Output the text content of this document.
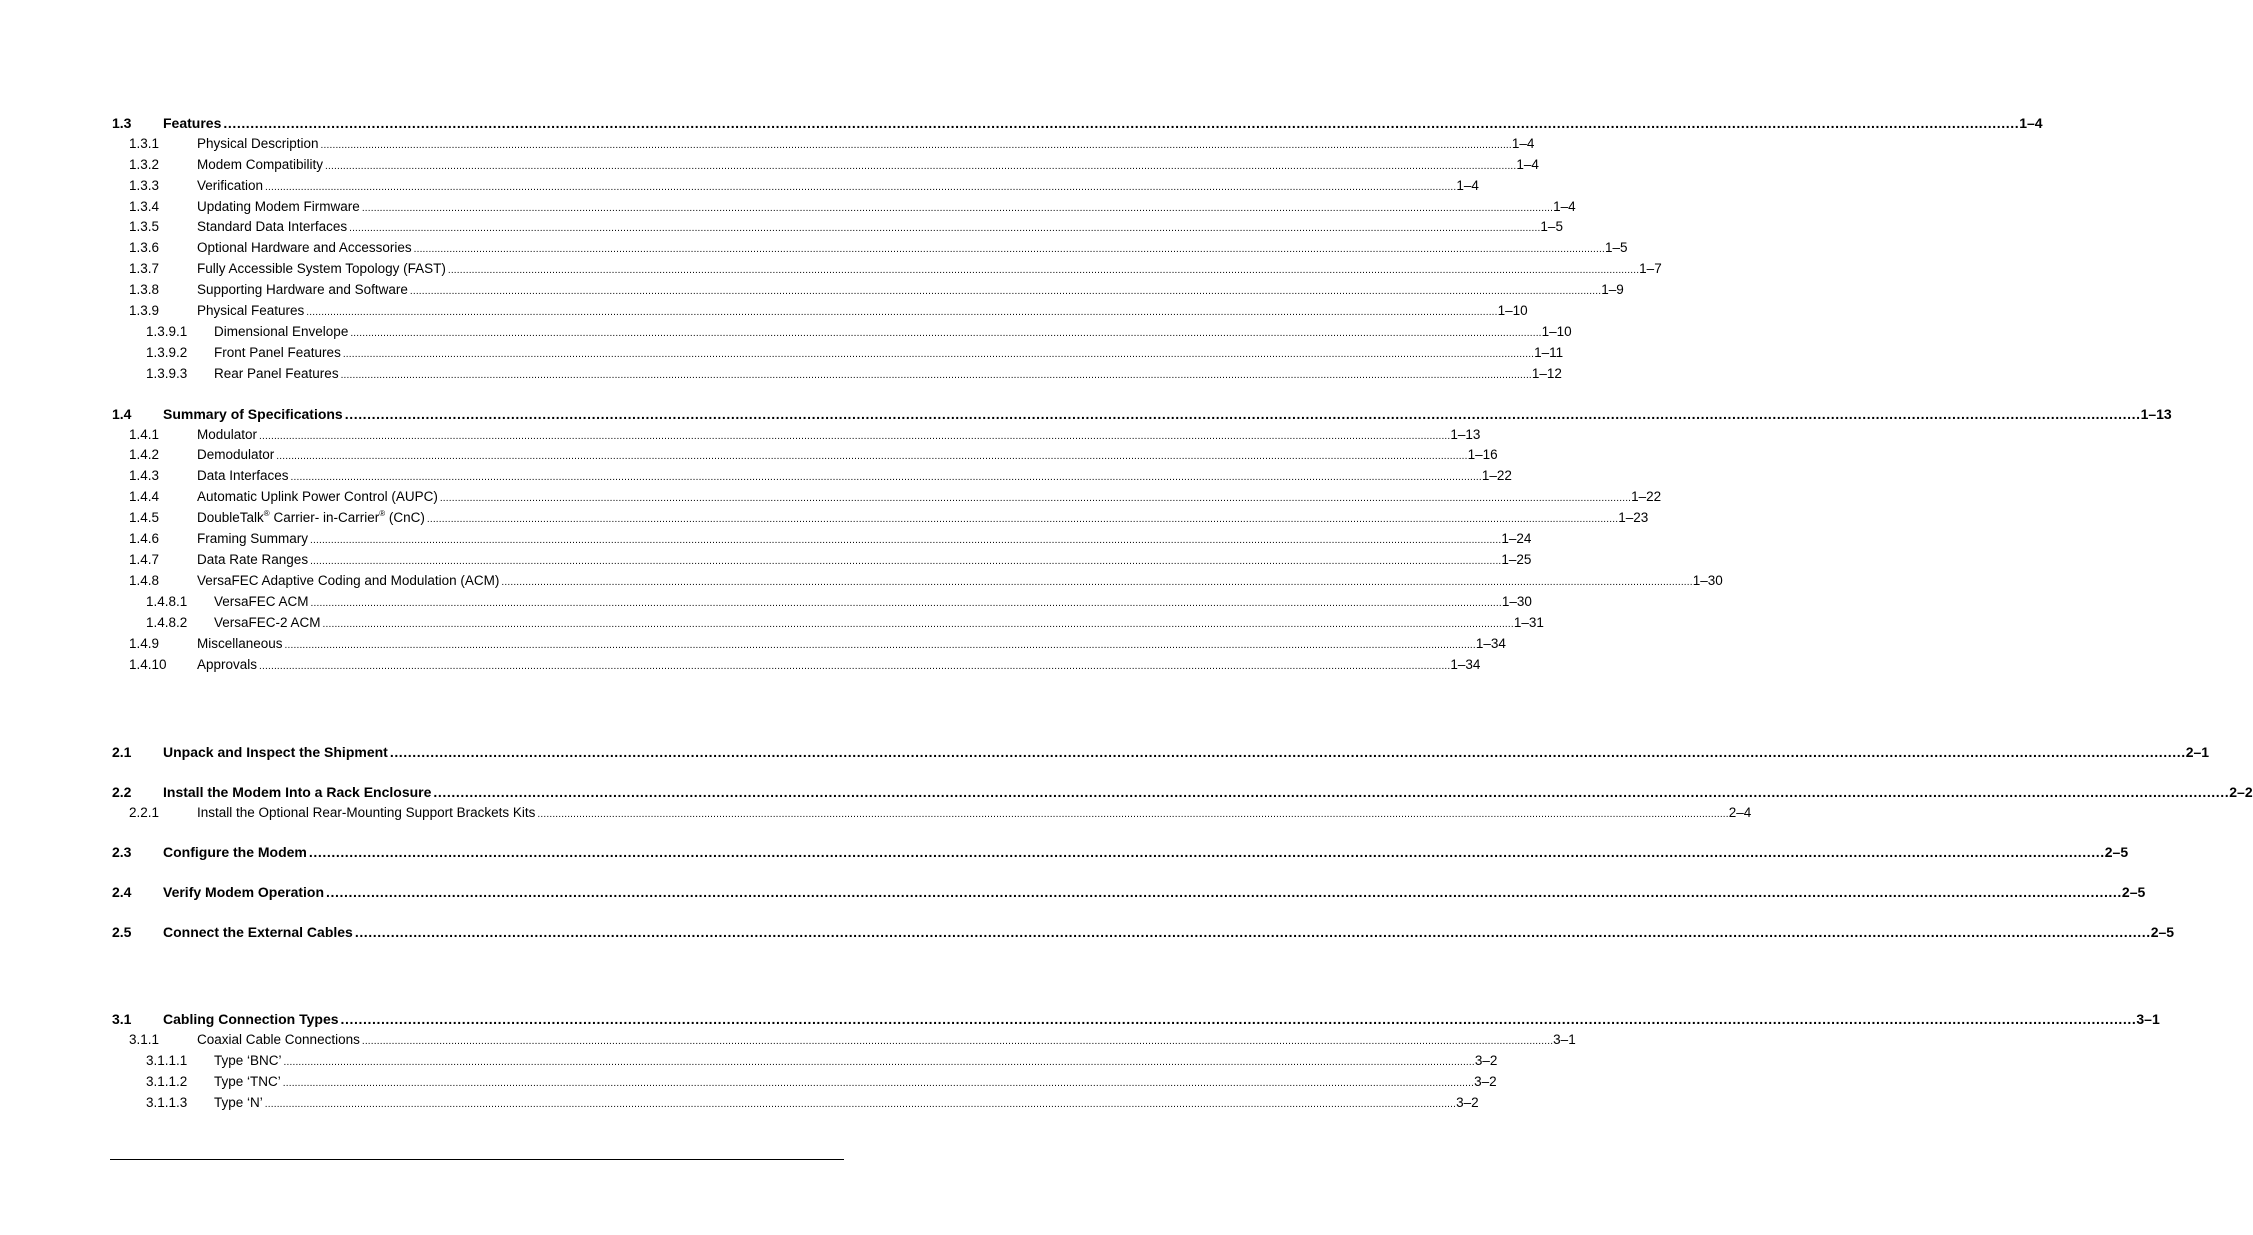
1.3 Features ................................................................................................................................................................................................................................................................................................................................................................................................................ 1–4
1.3.1	Physical Description ................................................................................................................................................................................................................................................................................................................................................................................................................ 1–4
1.3.2	Modem Compatibility ................................................................................................................................................................................................................................................................................................................................................................................................................ 1–4
1.3.3	Verification ................................................................................................................................................................................................................................................................................................................................................................................................................ 1–4
1.3.4	Updating Modem Firmware ................................................................................................................................................................................................................................................................................................................................................................................................................ 1–4
1.3.5	Standard Data Interfaces ................................................................................................................................................................................................................................................................................................................................................................................................................ 1–5
1.3.6	Optional Hardware and Accessories ................................................................................................................................................................................................................................................................................................................................................................................................................ 1–5
1.3.7	Fully Accessible System Topology (FAST) ................................................................................................................................................................................................................................................................................................................................................................................................................ 1–7
1.3.8	Supporting Hardware and Software ................................................................................................................................................................................................................................................................................................................................................................................................................ 1–9
1.3.9	Physical Features ................................................................................................................................................................................................................................................................................................................................................................................................................ 1–10
1.3.9.1 Dimensional Envelope ................................................................................................................................................................................................................................................................................................................................................................................................................ 1–10
1.3.9.2 Front Panel Features ................................................................................................................................................................................................................................................................................................................................................................................................................ 1–11
1.3.9.3 Rear Panel Features ................................................................................................................................................................................................................................................................................................................................................................................................................ 1–12
1.4 Summary of Specifications ................................................................................................................................................................................................................................................................................................................................................................................................................ 1–13
1.4.1	Modulator ................................................................................................................................................................................................................................................................................................................................................................................................................ 1–13
1.4.2	Demodulator ................................................................................................................................................................................................................................................................................................................................................................................................................ 1–16
1.4.3	Data Interfaces ................................................................................................................................................................................................................................................................................................................................................................................................................ 1–22
1.4.4	Automatic Uplink Power Control (AUPC) ................................................................................................................................................................................................................................................................................................................................................................................................................ 1–22
1.4.5	DoubleTalk® Carrier- in-Carrier® (CnC) ................................................................................................................................................................................................................................................................................................................................................................................................................ 1–23
1.4.6	Framing Summary ................................................................................................................................................................................................................................................................................................................................................................................................................ 1–24
1.4.7	Data Rate Ranges ................................................................................................................................................................................................................................................................................................................................................................................................................ 1–25
1.4.8	VersaFEC Adaptive Coding and Modulation (ACM) ................................................................................................................................................................................................................................................................................................................................................................................................................ 1–30
1.4.8.1 VersaFEC ACM ................................................................................................................................................................................................................................................................................................................................................................................................................ 1–30
1.4.8.2 VersaFEC-2 ACM ................................................................................................................................................................................................................................................................................................................................................................................................................ 1–31
1.4.9	Miscellaneous ................................................................................................................................................................................................................................................................................................................................................................................................................ 1–34
1.4.10 Approvals ................................................................................................................................................................................................................................................................................................................................................................................................................ 1–34
2.1 Unpack and Inspect the Shipment ................................................................................................................................................................................................................................................................................................................................................................................................................ 2–1
2.2 Install the Modem Into a Rack Enclosure ................................................................................................................................................................................................................................................................................................................................................................................................................ 2–2
2.2.1	Install the Optional Rear-Mounting Support Brackets Kits ................................................................................................................................................................................................................................................................................................................................................................................................................ 2–4
2.3 Configure the Modem ................................................................................................................................................................................................................................................................................................................................................................................................................ 2–5
2.4 Verify Modem Operation ................................................................................................................................................................................................................................................................................................................................................................................................................ 2–5
2.5 Connect the External Cables ................................................................................................................................................................................................................................................................................................................................................................................................................ 2–5
3.1 Cabling Connection Types ................................................................................................................................................................................................................................................................................................................................................................................................................ 3–1
3.1.1	Coaxial Cable Connections ................................................................................................................................................................................................................................................................................................................................................................................................................ 3–1
3.1.1.1 Type ‘BNC’ ................................................................................................................................................................................................................................................................................................................................................................................................................ 3–2
3.1.1.2 Type ‘TNC’ ................................................................................................................................................................................................................................................................................................................................................................................................................ 3–2
3.1.1.3 Type ‘N’ ................................................................................................................................................................................................................................................................................................................................................................................................................ 3–2
